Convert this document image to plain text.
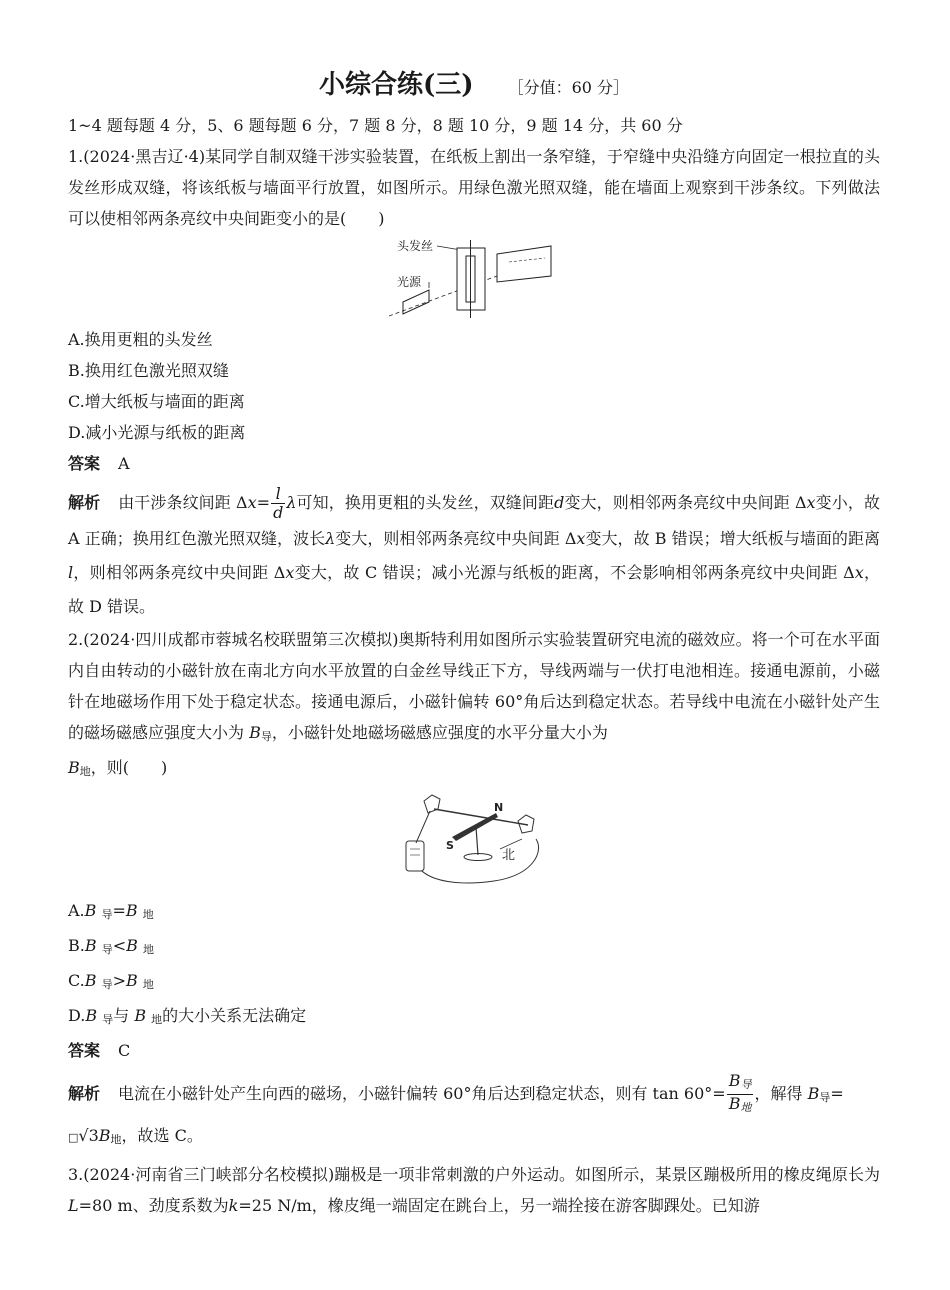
小综合练(三) ［分值：60 分］

1~4 题每题 4 分，5、6 题每题 6 分，7 题 8 分，8 题 10 分，9 题 14 分，共 60 分

1.(2024·黑吉辽·4)某同学自制双缝干涉实验装置，在纸板上割出一条窄缝，于窄缝中央沿缝方向固定一根拉直的头发丝形成双缝，将该纸板与墙面平行放置，如图所示。用绿色激光照双缝，能在墙面上观察到干涉条纹。下列做法可以使相邻两条亮纹中央间距变小的是(　　)

头发丝
光源

A.换用更粗的头发丝

B.换用红色激光照双缝

C.增大纸板与墙面的距离

D.减小光源与纸板的距离

答案 A

解析 由干涉条纹间距 $\Delta x= \frac{l}{d}$ λ可知，换用更粗的头发丝，双缝间距d变大，则相邻两条亮纹中央间距 Δx变小，故 A 正确；换用红色激光照双缝，波长λ变大，则相邻两条亮纹中央间距 Δx变大，故 B 错误；增大纸板与墙面的距离l，则相邻两条亮纹中央间距 Δx变大，故 C 错误；减小光源与纸板的距离，不会影响相邻两条亮纹中央间距 Δx，故 D 错误。

2.(2024·四川成都市蓉城名校联盟第三次模拟)奥斯特利用如图所示实验装置研究电流的磁效应。将一个可在水平面内自由转动的小磁针放在南北方向水平放置的白金丝导线正下方，导线两端与一伏打电池相连。接通电源前，小磁针在地磁场作用下处于稳定状态。接通电源后，小磁针偏转 60°角后达到稳定状态。若导线中电流在小磁针处产生的磁场磁感应强度大小为 B导，小磁针处地磁场磁感应强度的水平分量大小为
B地，则(　　)

N
S
北

A.B 导=B 地

B.B 导<B 地

C.B 导>B 地

D.B 导与 B 地的大小关系无法确定

答案 C

解析 电流在小磁针处产生向西的磁场，小磁针偏转 60°角后达到稳定状态，则有 $\tan 60^\circ= \frac{\text{B导}}{\text{B地}}$ ，解得 B导=
□√3B地，故选 C。

3.(2024·河南省三门峡部分名校模拟)蹦极是一项非常刺激的户外运动。如图所示，某景区蹦极所用的橡皮绳原长为L=80 m、劲度系数为k=25 N/m，橡皮绳一端固定在跳台上，另一端拴接在游客脚踝处。已知游
